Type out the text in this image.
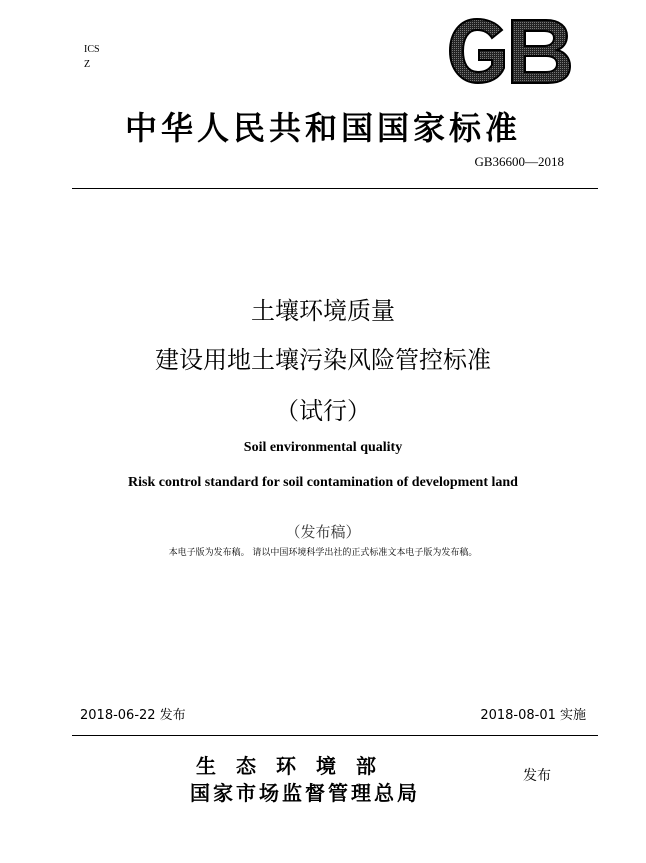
ICS
Z
中华人民共和国国家标准
GB36600—2018
土壤环境质量
建设用地土壤污染风险管控标准
（试行）
Soil environmental quality
Risk control standard for soil contamination of development land
（发布稿）
本电子版为发布稿。 请以中国环境科学出社的正式标准文本电子版为发布稿。
2018-06-22 发布	2018-08-01 实施
生态环境部
国家市场监督管理总局
发布
